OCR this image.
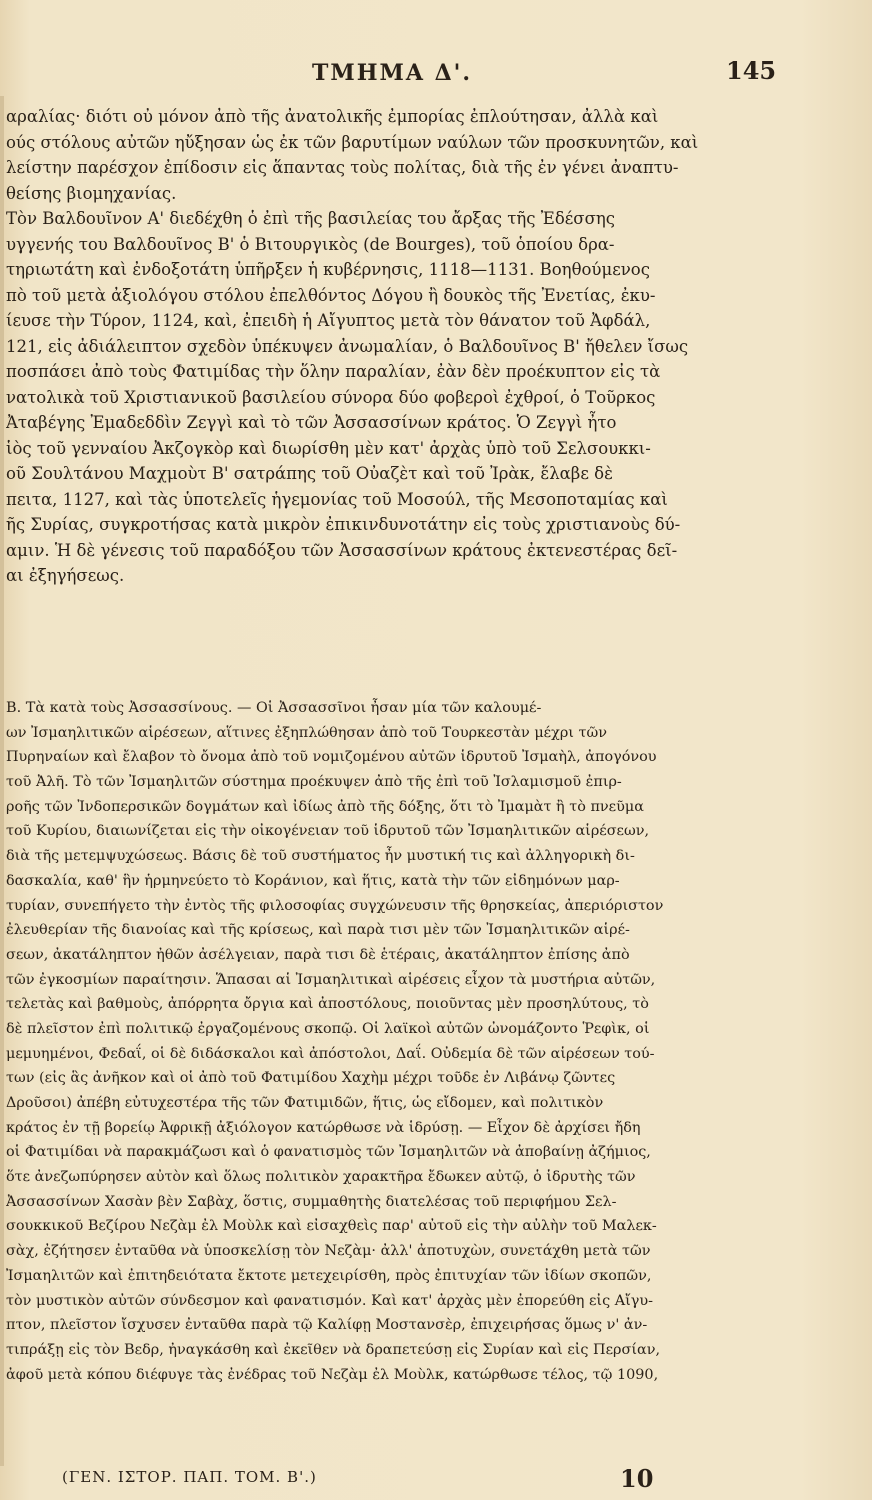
ΤΜΗΜΑ Δ'.	145
αραλίας· διότι οὐ μόνον ἀπὸ τῆς ἀνατολικῆς ἐμπορίας ἐπλούτησαν, ἀλλὰ καὶ
ούς στόλους αὐτῶν ηὔξησαν ὡς ἐκ τῶν βαρυτίμων ναύλων τῶν προσκυνητῶν, καὶ
λείστην παρέσχον ἐπίδοσιν εἰς ἅπαντας τοὺς πολίτας, διὰ τῆς ἐν γένει ἀναπτυ-
θείσης βιομηχανίας.
Τὸν Βαλδουῖνον Α' διεδέχθη ὁ ἐπὶ τῆς βασιλείας του ἄρξας τῆς Ἐδέσσης
υγγενής του Βαλδουῖνος Β' ὁ Βιτουργικὸς (de Bourges), τοῦ ὁποίου δρα-
τηριωτάτη καὶ ἐνδοξοτάτη ὑπῆρξεν ἡ κυβέρνησις, 1118—1131. Βοηθούμενος
πὸ τοῦ μετὰ ἀξιολόγου στόλου ἐπελθόντος Δόγου ἢ δουκὸς τῆς Ἐνετίας, ἐκυ-
ίευσε τὴν Τύρον, 1124, καὶ, ἐπειδὴ ἡ Αἴγυπτος μετὰ τὸν θάνατον τοῦ Ἀφδάλ,
121, εἰς ἀδιάλειπτον σχεδὸν ὑπέκυψεν ἀνωμαλίαν, ὁ Βαλδουῖνος Β' ἤθελεν ἴσως
ποσπάσει ἀπὸ τοὺς Φατιμίδας τὴν ὅλην παραλίαν, ἐὰν δὲν προέκυπτον εἰς τὰ
νατολικὰ τοῦ Χριστιανικοῦ βασιλείου σύνορα δύο φοβεροὶ ἐχθροί, ὁ Τοῦρκος
Ἀταβέγης Ἐμαδεδδὶν Ζεγγὶ καὶ τὸ τῶν Ἀσσασσίνων κράτος. Ὁ Ζεγγὶ ἦτο
ἱὸς τοῦ γενναίου Ἀκζογκὸρ καὶ διωρίσθη μὲν κατ' ἀρχὰς ὑπὸ τοῦ Σελσουκκι-
οῦ Σουλτάνου Μαχμοὺτ Β' σατράπης τοῦ Οὐαζὲτ καὶ τοῦ Ἰρὰκ, ἔλαβε δὲ
πειτα, 1127, καὶ τὰς ὑποτελεῖς ἡγεμονίας τοῦ Μοσούλ, τῆς Μεσοποταμίας καὶ
ῆς Συρίας, συγκροτήσας κατὰ μικρὸν ἐπικινδυνοτάτην εἰς τοὺς χριστιανοὺς δύ-
αμιν. Ἡ δὲ γένεσις τοῦ παραδόξου τῶν Ἀσσασσίνων κράτους ἐκτενεστέρας δεῖ-
αι ἐξηγήσεως.
Β. Τὰ κατὰ τοὺς Ἀσσασσίνους. — Οἱ Ἀσσασσῖνοι ἦσαν μία τῶν καλουμέ-
ων Ἰσμαηλιτικῶν αἱρέσεων, αἵτινες ἐξηπλώθησαν ἀπὸ τοῦ Τουρκεστὰν μέχρι τῶν
Πυρηναίων καὶ ἔλαβον τὸ ὄνομα ἀπὸ τοῦ νομιζομένου αὐτῶν ἱδρυτοῦ Ἰσμαὴλ, ἀπογόνου
τοῦ Ἀλῆ. Τὸ τῶν Ἰσμαηλιτῶν σύστημα προέκυψεν ἀπὸ τῆς ἐπὶ τοῦ Ἰσλαμισμοῦ ἐπιρ-
ροῆς τῶν Ἰνδοπερσικῶν δογμάτων καὶ ἰδίως ἀπὸ τῆς δόξης, ὅτι τὸ Ἰμαμὰτ ἢ τὸ πνεῦμα
τοῦ Κυρίου, διαιωνίζεται εἰς τὴν οἰκογένειαν τοῦ ἱδρυτοῦ τῶν Ἰσμαηλιτικῶν αἱρέσεων,
διὰ τῆς μετεμψυχώσεως. Βάσις δὲ τοῦ συστήματος ἦν μυστική τις καὶ ἀλληγορικὴ δι-
δασκαλία, καθ' ἣν ἡρμηνεύετο τὸ Κοράνιον, καὶ ἥτις, κατὰ τὴν τῶν εἰδημόνων μαρ-
τυρίαν, συνεπήγετο τὴν ἐντὸς τῆς φιλοσοφίας συγχώνευσιν τῆς θρησκείας, ἀπεριόριστον
ἐλευθερίαν τῆς διανοίας καὶ τῆς κρίσεως, καὶ παρὰ τισι μὲν τῶν Ἰσμαηλιτικῶν αἱρέ-
σεων, ἀκατάληπτον ἠθῶν ἀσέλγειαν, παρὰ τισι δὲ ἑτέραις, ἀκατάληπτον ἐπίσης ἀπὸ
τῶν ἐγκοσμίων παραίτησιν. Ἅπασαι αἱ Ἰσμαηλιτικαὶ αἱρέσεις εἶχον τὰ μυστήρια αὐτῶν,
τελετὰς καὶ βαθμοὺς, ἀπόρρητα ὄργια καὶ ἀποστόλους, ποιοῦντας μὲν προσηλύτους, τὸ
δὲ πλεῖστον ἐπὶ πολιτικῷ ἐργαζομένους σκοπῷ. Οἱ λαϊκοὶ αὐτῶν ὠνομάζοντο Ῥεφὶκ, οἱ
μεμυημένοι, Φεδαΐ, οἱ δὲ διδάσκαλοι καὶ ἀπόστολοι, Δαΐ. Οὐδεμία δὲ τῶν αἱρέσεων τού-
των (εἰς ἃς ἀνῆκον καὶ οἱ ἀπὸ τοῦ Φατιμίδου Χαχὴμ μέχρι τοῦδε ἐν Λιβάνῳ ζῶντες
Δροῦσοι) ἀπέβη εὐτυχεστέρα τῆς τῶν Φατιμιδῶν, ἥτις, ὡς εἴδομεν, καὶ πολιτικὸν
κράτος ἐν τῇ βορείῳ Ἀφρικῇ ἀξιόλογον κατώρθωσε νὰ ἱδρύσῃ. — Εἶχον δὲ ἀρχίσει ἤδη
οἱ Φατιμίδαι νὰ παρακμάζωσι καὶ ὁ φανατισμὸς τῶν Ἰσμαηλιτῶν νὰ ἀποβαίνῃ ἀζήμιος,
ὅτε ἀνεζωπύρησεν αὐτὸν καὶ ὅλως πολιτικὸν χαρακτῆρα ἔδωκεν αὐτῷ, ὁ ἱδρυτὴς τῶν
Ἀσσασσίνων Χασὰν βὲν Σαβὰχ, ὅστις, συμμαθητὴς διατελέσας τοῦ περιφήμου Σελ-
σουκκικοῦ Βεζίρου Νεζὰμ ἐλ Μοὺλκ καὶ εἰσαχθεὶς παρ' αὐτοῦ εἰς τὴν αὐλὴν τοῦ Μαλεκ-
σὰχ, ἐζήτησεν ἐνταῦθα νὰ ὑποσκελίσῃ τὸν Νεζὰμ· ἀλλ' ἀποτυχὼν, συνετάχθη μετὰ τῶν
Ἰσμαηλιτῶν καὶ ἐπιτηδειότατα ἔκτοτε μετεχειρίσθη, πρὸς ἐπιτυχίαν τῶν ἰδίων σκοπῶν,
τὸν μυστικὸν αὐτῶν σύνδεσμον καὶ φανατισμόν. Καὶ κατ' ἀρχὰς μὲν ἐπορεύθη εἰς Αἴγυ-
πτον, πλεῖστον ἴσχυσεν ἐνταῦθα παρὰ τῷ Καλίφῃ Μοστανσὲρ, ἐπιχειρήσας ὅμως ν' ἀν-
τιπράξῃ εἰς τὸν Βεδρ, ἠναγκάσθη καὶ ἐκεῖθεν νὰ δραπετεύσῃ εἰς Συρίαν καὶ εἰς Περσίαν,
ἀφοῦ μετὰ κόπου διέφυγε τὰς ἐνέδρας τοῦ Νεζὰμ ἐλ Μοὺλκ, κατώρθωσε τέλος, τῷ 1090,
(ΓΕΝ. ΙΣΤΟΡ. ΠΑΠ. ΤΟΜ. Β'.)	10
